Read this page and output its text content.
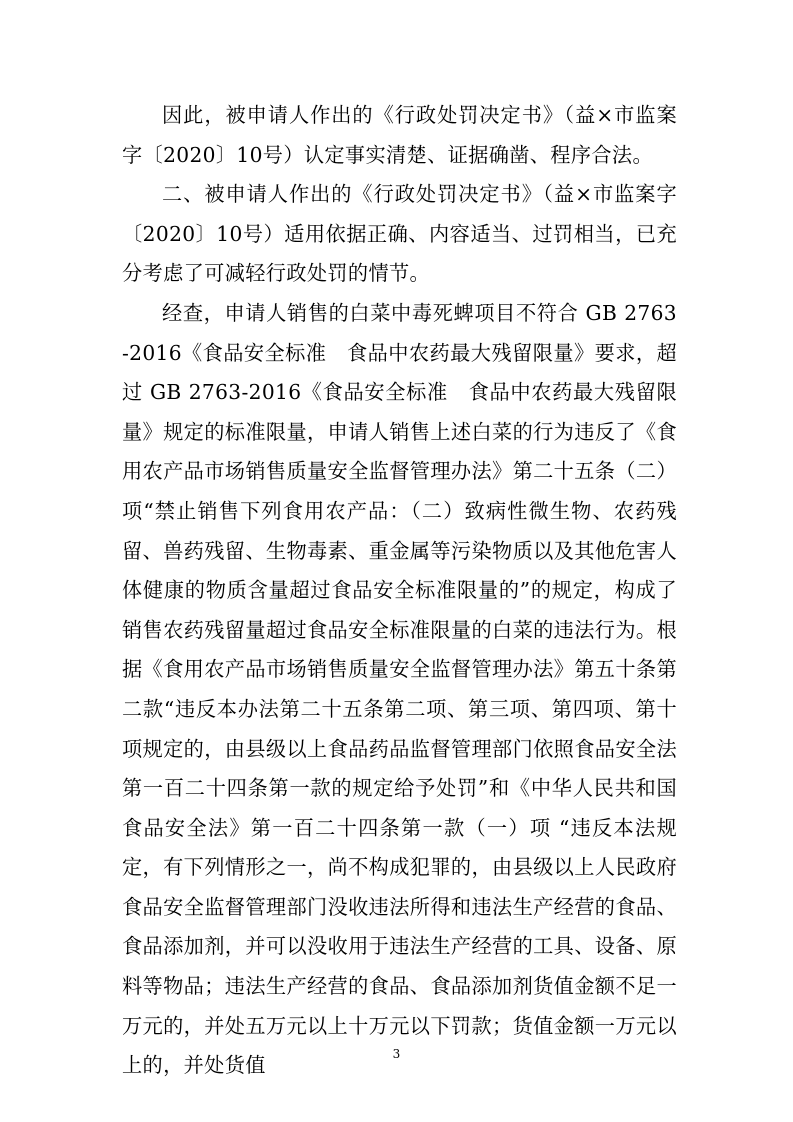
因此，被申请人作出的《行政处罚决定书》（益×市监案字〔2020〕10号）认定事实清楚、证据确凿、程序合法。

二、被申请人作出的《行政处罚决定书》（益×市监案字〔2020〕10号）适用依据正确、内容适当、过罚相当，已充分考虑了可减轻行政处罚的情节。

经查，申请人销售的白菜中毒死蜱项目不符合 GB 2763-2016《食品安全标准　食品中农药最大残留限量》要求，超过 GB 2763-2016《食品安全标准　食品中农药最大残留限量》规定的标准限量，申请人销售上述白菜的行为违反了《食用农产品市场销售质量安全监督管理办法》第二十五条（二）项“禁止销售下列食用农产品：（二）致病性微生物、农药残留、兽药残留、生物毒素、重金属等污染物质以及其他危害人体健康的物质含量超过食品安全标准限量的”的规定，构成了销售农药残留量超过食品安全标准限量的白菜的违法行为。根据《食用农产品市场销售质量安全监督管理办法》第五十条第二款“违反本办法第二十五条第二项、第三项、第四项、第十项规定的，由县级以上食品药品监督管理部门依照食品安全法第一百二十四条第一款的规定给予处罚”和《中华人民共和国食品安全法》第一百二十四条第一款（一）项 “违反本法规定，有下列情形之一，尚不构成犯罪的，由县级以上人民政府食品安全监督管理部门没收违法所得和违法生产经营的食品、食品添加剂，并可以没收用于违法生产经营的工具、设备、原料等物品；违法生产经营的食品、食品添加剂货值金额不足一万元的，并处五万元以上十万元以下罚款；货值金额一万元以上的，并处货值	3
